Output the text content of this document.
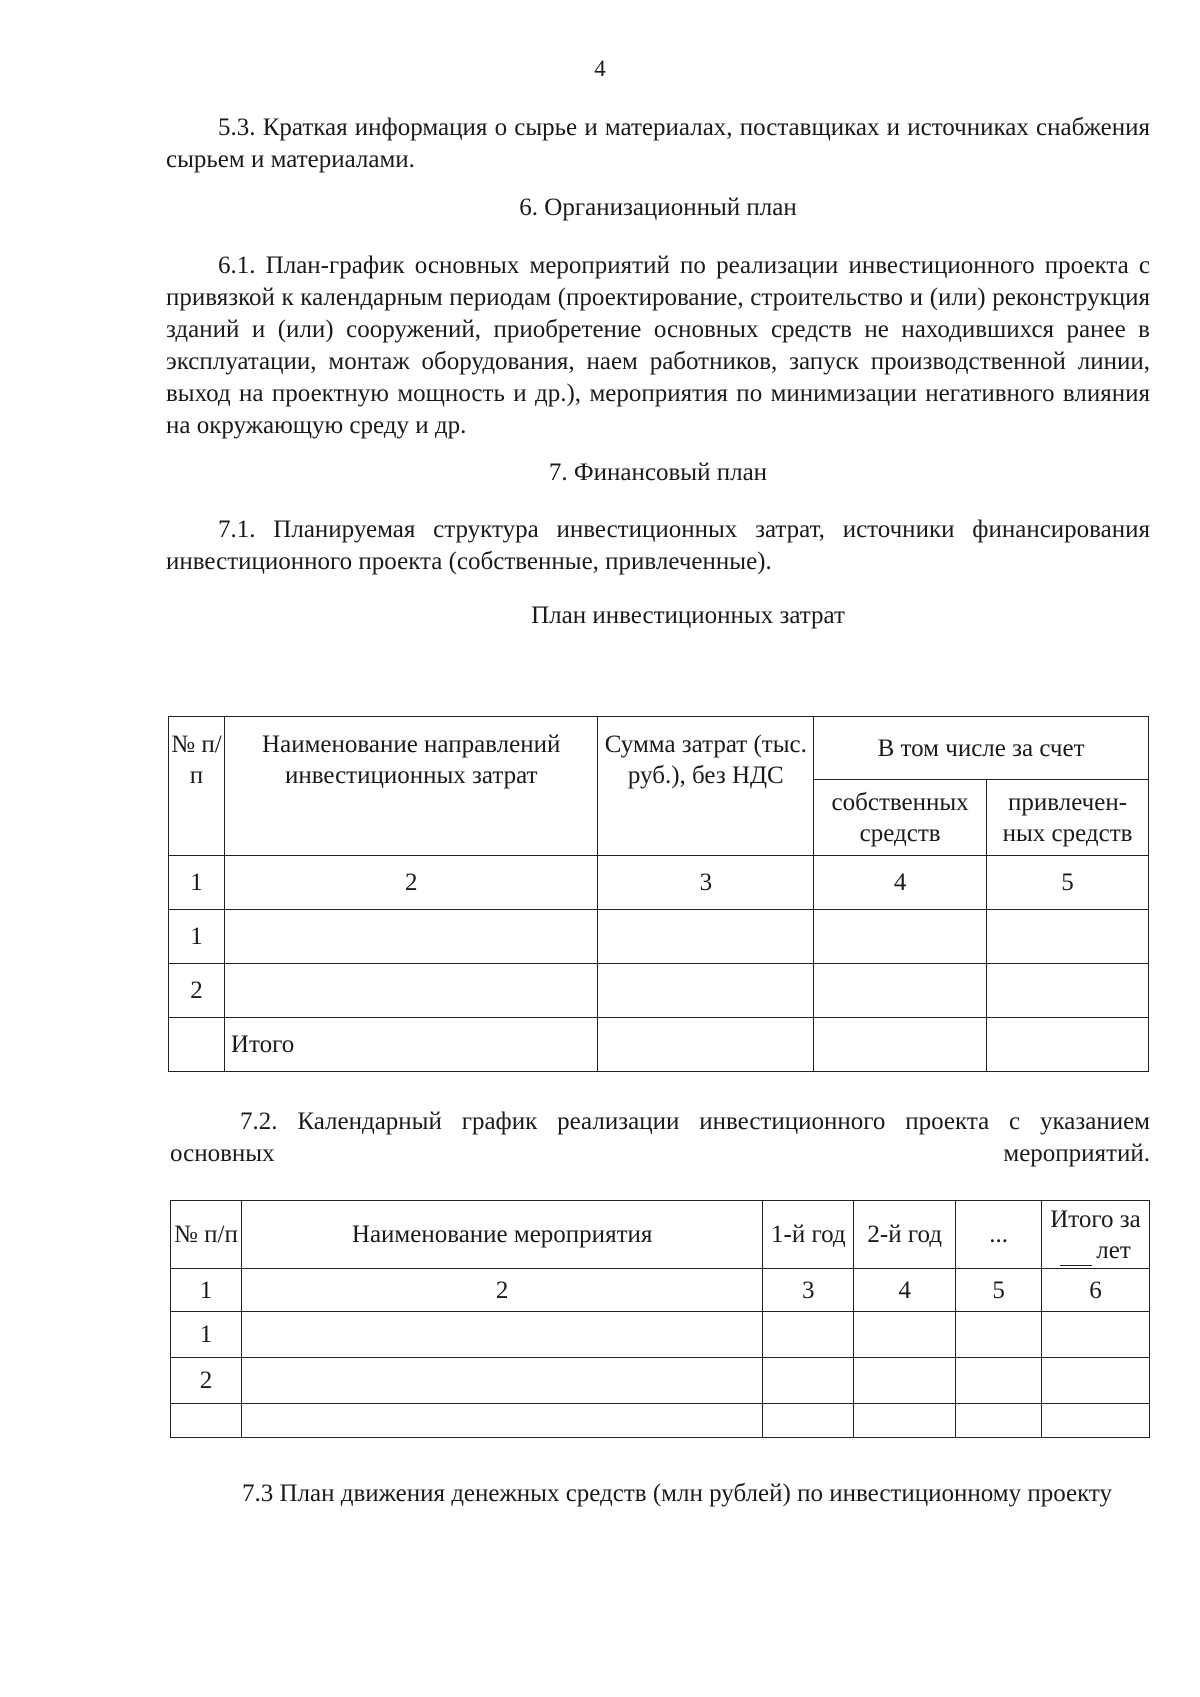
4
5.3. Краткая информация о сырье и материалах, поставщиках и источниках снабжения сырьем и материалами.
6. Организационный план
6.1. План-график основных мероприятий по реализации инвестиционного проекта с привязкой к календарным периодам (проектирование, строительство и (или) реконструкция зданий и (или) сооружений, приобретение основных средств не находившихся ранее в эксплуатации, монтаж оборудования, наем работников, запуск производственной линии, выход на проектную мощность и др.), мероприятия по минимизации негативного влияния на окружающую среду и др.
7. Финансовый план
7.1. Планируемая структура инвестиционных затрат, источники финансирования инвестиционного проекта (собственные, привлеченные).
План инвестиционных затрат
№ п/п	Наименование направлений инвестиционных затрат	Сумма затрат (тыс. руб.), без НДС	В том числе за счет	
			собственных средств	привлечен-ных средств
1	2	3	4	5
1				
2				
	Итого			
7.2. Календарный график реализации инвестиционного проекта с указанием основных мероприятий.
№ п/п	Наименование мероприятия	1-й год	2-й год	...	Итого за
лет
1	2	3	4	5	6
1					
2					

7.3 План движения денежных средств (млн рублей) по инвестиционному проекту
